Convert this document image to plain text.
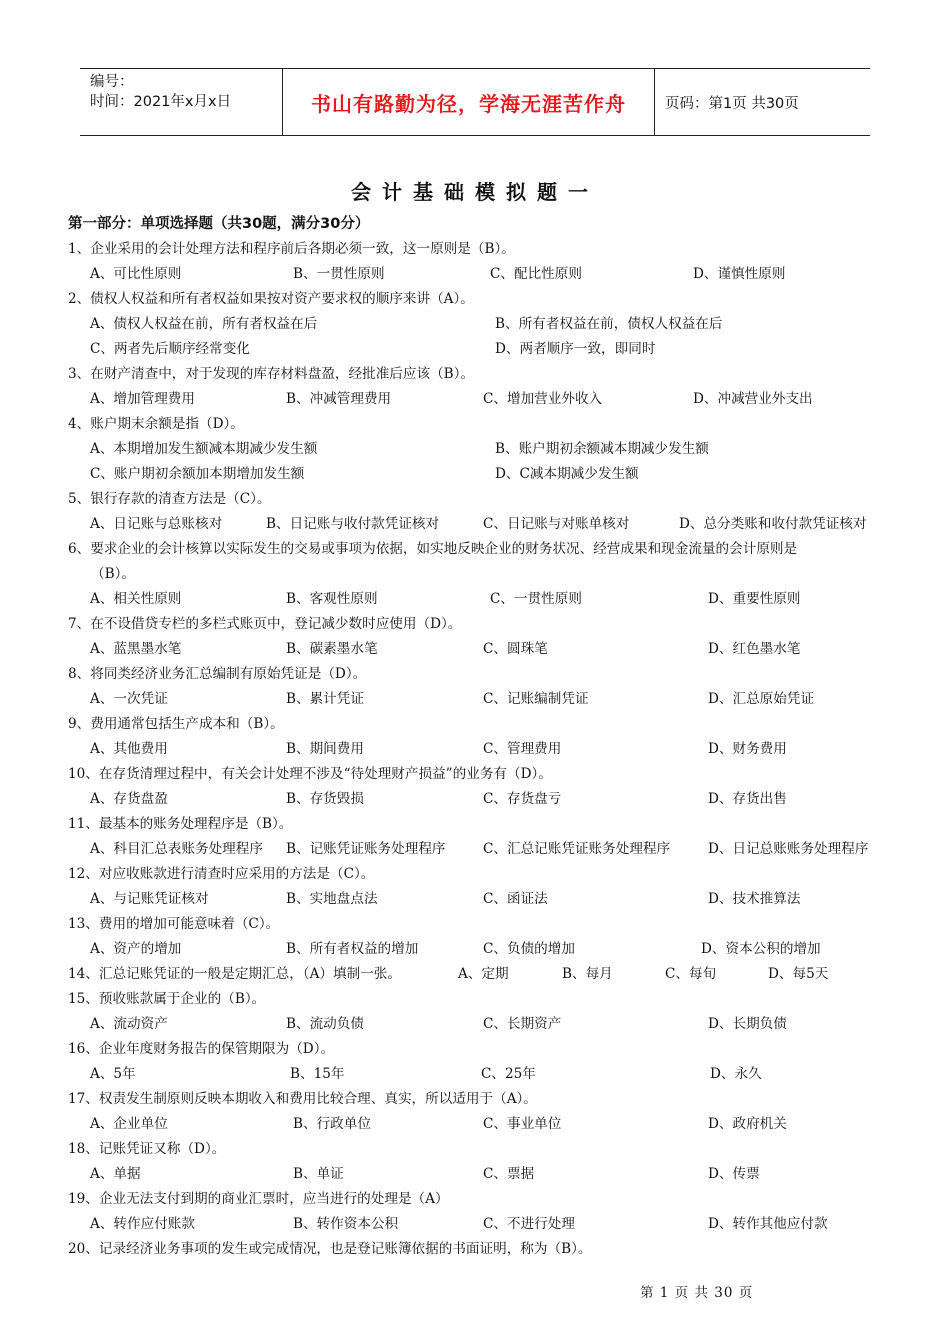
编号：
时间：2021年x月x日	书山有路勤为径，学海无涯苦作舟	页码：第1页 共30页
会计基础模拟题一
第一部分：单项选择题（共30题，满分30分）
1、企业采用的会计处理方法和程序前后各期必须一致，这一原则是（B）。
A、可比性原则	B、一贯性原则	C、配比性原则	D、谨慎性原则
2、债权人权益和所有者权益如果按对资产要求权的顺序来讲（A）。
A、债权人权益在前，所有者权益在后	B、所有者权益在前，债权人权益在后
C、两者先后顺序经常变化	D、两者顺序一致，即同时
3、在财产清查中，对于发现的库存材料盘盈，经批准后应该（B）。
A、增加管理费用	B、冲减管理费用	C、增加营业外收入	D、冲减营业外支出
4、账户期末余额是指（D）。
A、本期增加发生额减本期减少发生额	B、账户期初余额减本期减少发生额
C、账户期初余额加本期增加发生额	D、C减本期减少发生额
5、银行存款的清查方法是（C）。
A、日记账与总账核对	B、日记账与收付款凭证核对	C、日记账与对账单核对	D、总分类账和收付款凭证核对
6、要求企业的会计核算以实际发生的交易或事项为依据，如实地反映企业的财务状况、经营成果和现金流量的会计原则是
（B）。
A、相关性原则	B、客观性原则	C、一贯性原则	D、重要性原则
7、在不设借贷专栏的多栏式账页中，登记减少数时应使用（D）。
A、蓝黑墨水笔	B、碳素墨水笔	C、圆珠笔	D、红色墨水笔
8、将同类经济业务汇总编制有原始凭证是（D）。
A、一次凭证	B、累计凭证	C、记账编制凭证	D、汇总原始凭证
9、费用通常包括生产成本和（B）。
A、其他费用	B、期间费用	C、管理费用	D、财务费用
10、在存货清理过程中，有关会计处理不涉及“待处理财产损益”的业务有（D）。
A、存货盘盈	B、存货毁损	C、存货盘亏	D、存货出售
11、最基本的账务处理程序是（B）。
A、科目汇总表账务处理程序 B、记账凭证账务处理程序	C、汇总记账凭证账务处理程序	D、日记总账账务处理程序
12、对应收账款进行清查时应采用的方法是（C）。
A、与记账凭证核对	B、实地盘点法	C、函证法	D、技术推算法
13、费用的增加可能意味着（C）。
A、资产的增加	B、所有者权益的增加	C、负债的增加	D、资本公积的增加
14、汇总记账凭证的一般是定期汇总，（A）填制一张。	A、定期	B、每月	C、每旬	D、每5天
15、预收账款属于企业的（B）。
A、流动资产	B、流动负债	C、长期资产	D、长期负债
16、企业年度财务报告的保管期限为（D）。
A、5年	B、15年	C、25年	D、永久
17、权责发生制原则反映本期收入和费用比较合理、真实，所以适用于（A）。
A、企业单位	B、行政单位	C、事业单位	D、政府机关
18、记账凭证又称（D）。
A、单据	B、单证	C、票据	D、传票
19、企业无法支付到期的商业汇票时，应当进行的处理是（A）
A、转作应付账款	B、转作资本公积	C、不进行处理	D、转作其他应付款
20、记录经济业务事项的发生或完成情况，也是登记账簿依据的书面证明，称为（B）。
第 1 页 共 30 页
